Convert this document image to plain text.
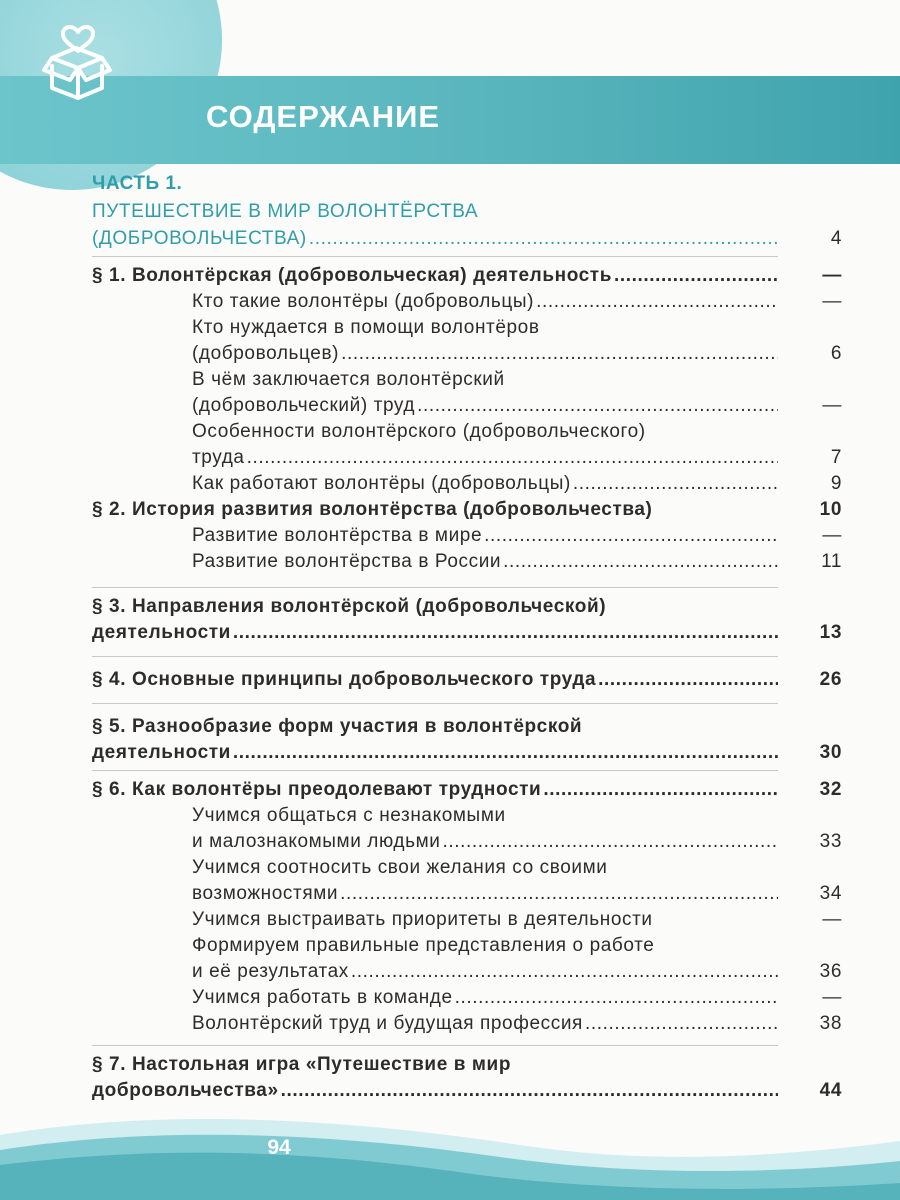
СОДЕРЖАНИЕ
ЧАСТЬ 1.
ПУТЕШЕСТВИЕ В МИР ВОЛОНТЁРСТВА
(ДОБРОВОЛЬЧЕСТВА) .....	4
§ 1. Волонтёрская (добровольческая) деятельность .....	—
Кто такие волонтёры (добровольцы) .....	—
Кто нуждается в помощи волонтёров
(добровольцев) .....	6
В чём заключается волонтёрский
(добровольческий) труд .....	—
Особенности волонтёрского (добровольческого)
труда .....	7
Как работают волонтёры (добровольцы) .....	9
§ 2. История развития волонтёрства (добровольчества)	10
Развитие волонтёрства в мире .....	—
Развитие волонтёрства в России .....	11
§ 3. Направления волонтёрской (добровольческой)
деятельности .....	13
§ 4. Основные принципы добровольческого труда .....	26
§ 5. Разнообразие форм участия в волонтёрской
деятельности .....	30
§ 6. Как волонтёры преодолевают трудности .....	32
Учимся общаться с незнакомыми
и малознакомыми людьми .....	33
Учимся соотносить свои желания со своими
возможностями .....	34
Учимся выстраивать приоритеты в деятельности	—
Формируем правильные представления о работе
и её результатах .....	36
Учимся работать в команде .....	—
Волонтёрский труд и будущая профессия .....	38
§ 7. Настольная игра «Путешествие в мир
добровольчества» .....	44
94
